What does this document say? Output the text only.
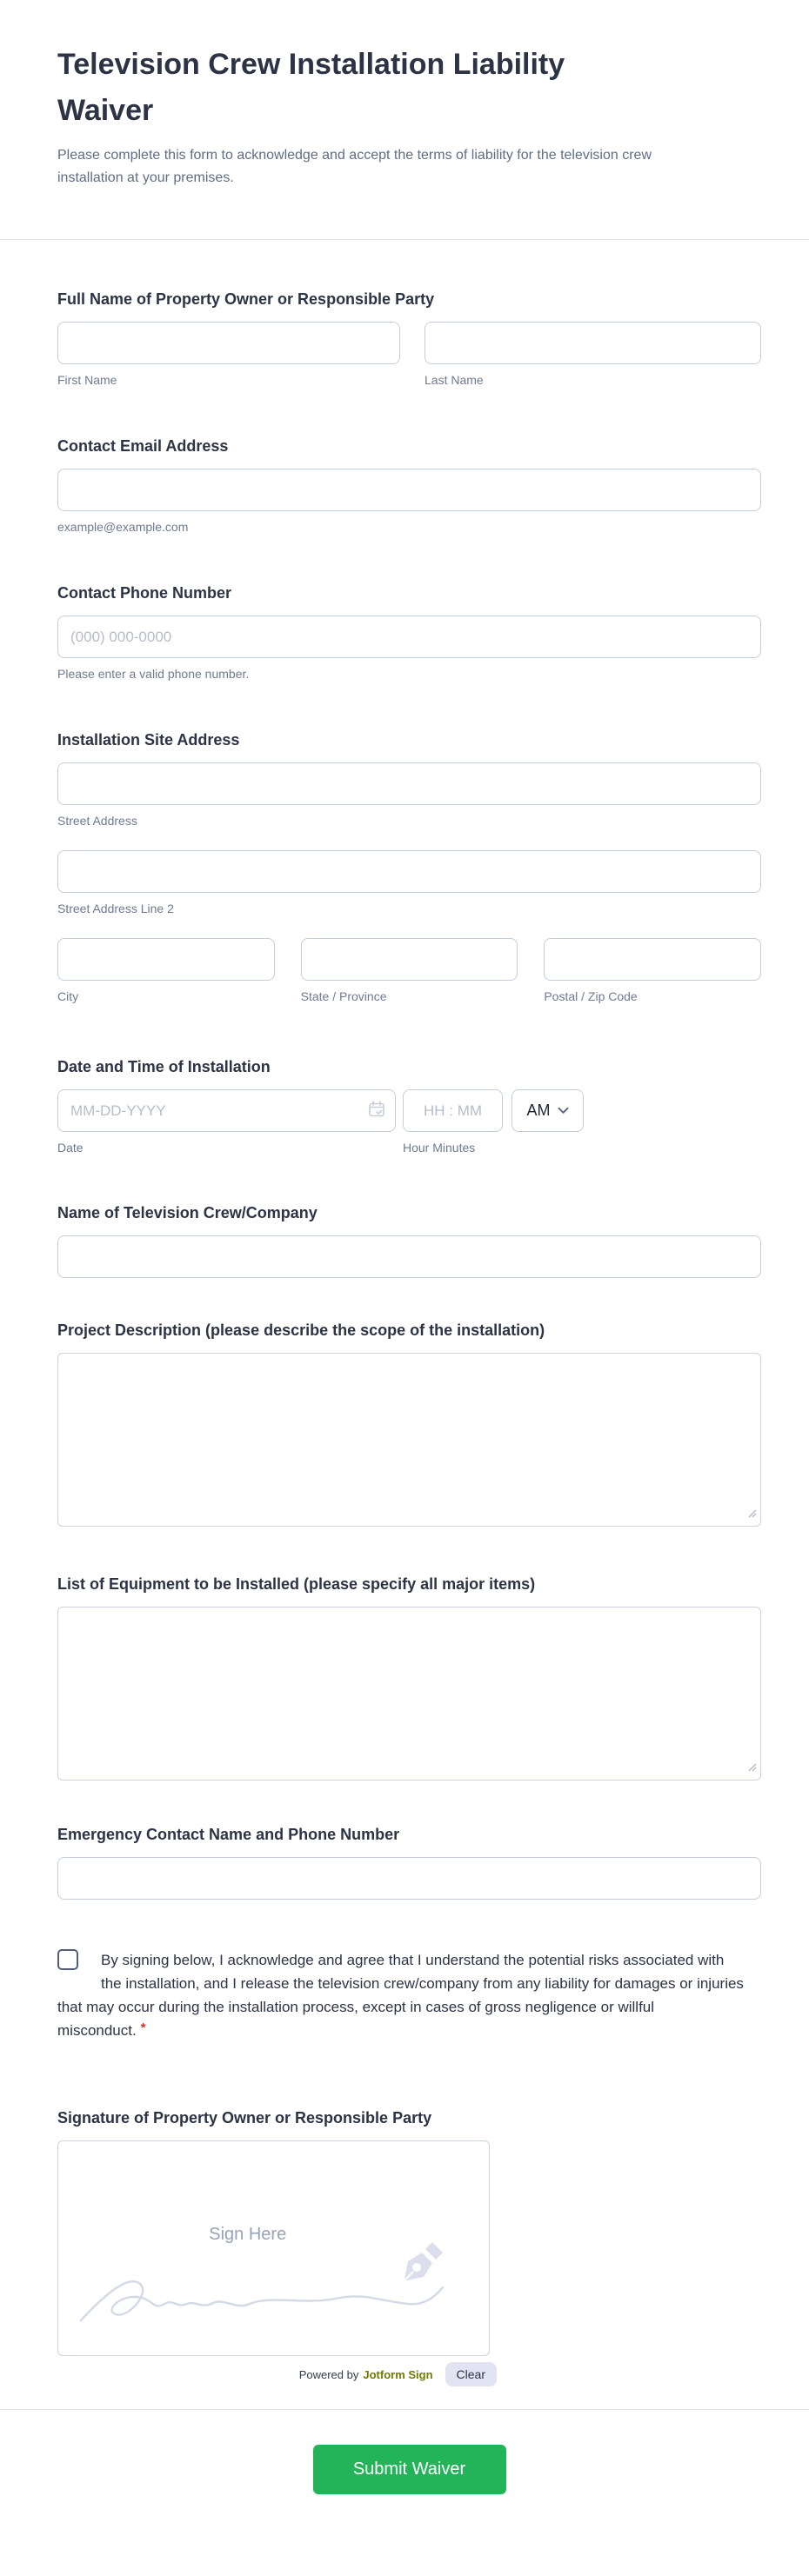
Television Crew Installation Liability Waiver

Please complete this form to acknowledge and accept the terms of liability for the television crew installation at your premises.

Full Name of Property Owner or Responsible Party
First Name	Last Name
Contact Email Address
example@example.com
Contact Phone Number
(000) 000-0000
Please enter a valid phone number.
Installation Site Address
Street Address
Street Address Line 2
City	State / Province	Postal / Zip Code
Date and Time of Installation
MM-DD-YYYY
HH : MM
AM
Date	Hour Minutes
Name of Television Crew/Company
Project Description (please describe the scope of the installation)
List of Equipment to be Installed (please specify all major items)
Emergency Contact Name and Phone Number
By signing below, I acknowledge and agree that I understand the potential risks associated with the installation, and I release the television crew/company from any liability for damages or injuries that may occur during the installation process, except in cases of gross negligence or willful misconduct. *
Signature of Property Owner or Responsible Party
Sign Here
Powered by Jotform Sign	Clear
Submit Waiver
